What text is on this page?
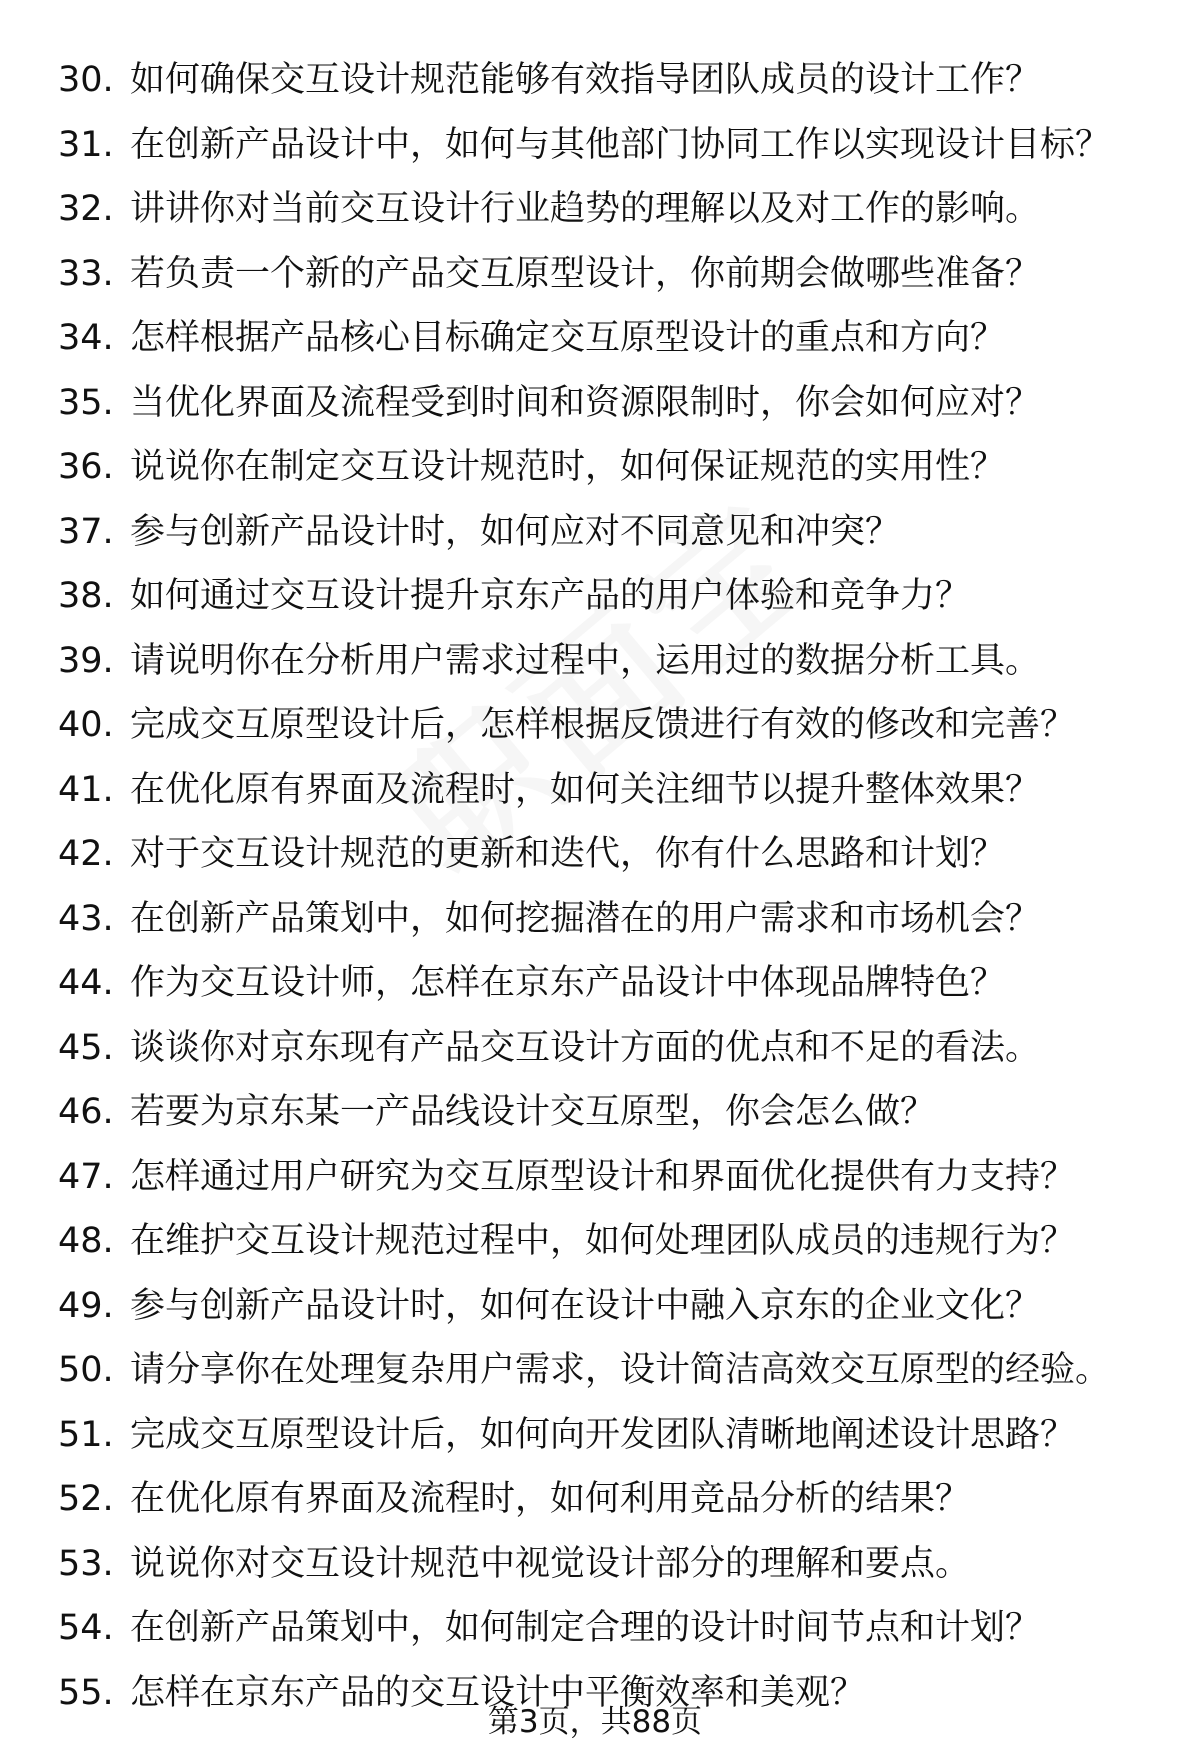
30. 如何确保交互设计规范能够有效指导团队成员的设计工作？
31. 在创新产品设计中，如何与其他部门协同工作以实现设计目标？
32. 讲讲你对当前交互设计行业趋势的理解以及对工作的影响。
33. 若负责一个新的产品交互原型设计，你前期会做哪些准备？
34. 怎样根据产品核心目标确定交互原型设计的重点和方向？
35. 当优化界面及流程受到时间和资源限制时，你会如何应对？
36. 说说你在制定交互设计规范时，如何保证规范的实用性？
37. 参与创新产品设计时，如何应对不同意见和冲突？
38. 如何通过交互设计提升京东产品的用户体验和竞争力？
39. 请说明你在分析用户需求过程中，运用过的数据分析工具。
40. 完成交互原型设计后，怎样根据反馈进行有效的修改和完善？
41. 在优化原有界面及流程时，如何关注细节以提升整体效果？
42. 对于交互设计规范的更新和迭代，你有什么思路和计划？
43. 在创新产品策划中，如何挖掘潜在的用户需求和市场机会？
44. 作为交互设计师，怎样在京东产品设计中体现品牌特色？
45. 谈谈你对京东现有产品交互设计方面的优点和不足的看法。
46. 若要为京东某一产品线设计交互原型，你会怎么做？
47. 怎样通过用户研究为交互原型设计和界面优化提供有力支持？
48. 在维护交互设计规范过程中，如何处理团队成员的违规行为？
49. 参与创新产品设计时，如何在设计中融入京东的企业文化？
50. 请分享你在处理复杂用户需求，设计简洁高效交互原型的经验。
51. 完成交互原型设计后，如何向开发团队清晰地阐述设计思路？
52. 在优化原有界面及流程时，如何利用竞品分析的结果？
53. 说说你对交互设计规范中视觉设计部分的理解和要点。
54. 在创新产品策划中，如何制定合理的设计时间节点和计划？
55. 怎样在京东产品的交互设计中平衡效率和美观？
第3页，共88页
